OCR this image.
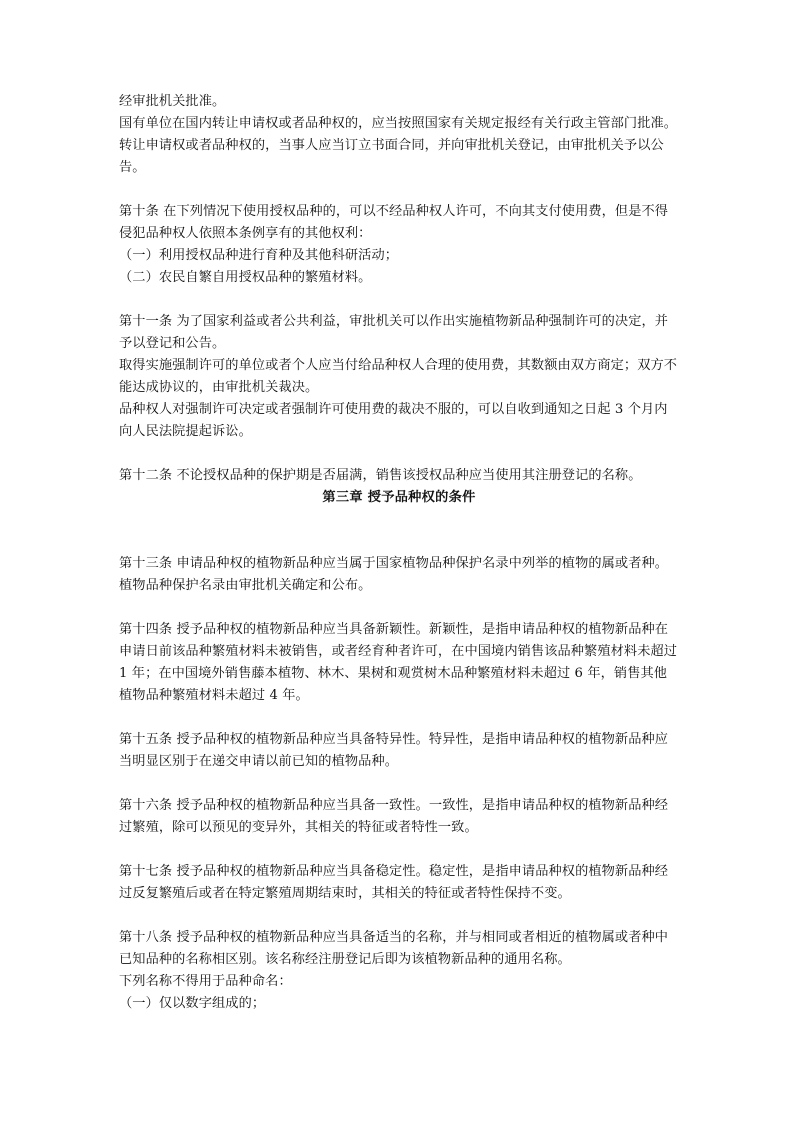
经审批机关批准。

国有单位在国内转让申请权或者品种权的，应当按照国家有关规定报经有关行政主管部门批准。

转让申请权或者品种权的，当事人应当订立书面合同，并向审批机关登记，由审批机关予以公告。

第十条 在下列情况下使用授权品种的，可以不经品种权人许可，不向其支付使用费，但是不得侵犯品种权人依照本条例享有的其他权利：

（一）利用授权品种进行育种及其他科研活动；

（二）农民自繁自用授权品种的繁殖材料。

第十一条 为了国家利益或者公共利益，审批机关可以作出实施植物新品种强制许可的决定，并予以登记和公告。

取得实施强制许可的单位或者个人应当付给品种权人合理的使用费，其数额由双方商定；双方不能达成协议的，由审批机关裁决。

品种权人对强制许可决定或者强制许可使用费的裁决不服的，可以自收到通知之日起 3 个月内向人民法院提起诉讼。

第十二条 不论授权品种的保护期是否届满，销售该授权品种应当使用其注册登记的名称。

第三章 授予品种权的条件

第十三条 申请品种权的植物新品种应当属于国家植物品种保护名录中列举的植物的属或者种。植物品种保护名录由审批机关确定和公布。

第十四条 授予品种权的植物新品种应当具备新颖性。新颖性，是指申请品种权的植物新品种在申请日前该品种繁殖材料未被销售，或者经育种者许可，在中国境内销售该品种繁殖材料未超过 1 年；在中国境外销售藤本植物、林木、果树和观赏树木品种繁殖材料未超过 6 年，销售其他植物品种繁殖材料未超过 4 年。

第十五条 授予品种权的植物新品种应当具备特异性。特异性，是指申请品种权的植物新品种应当明显区别于在递交申请以前已知的植物品种。

第十六条 授予品种权的植物新品种应当具备一致性。一致性，是指申请品种权的植物新品种经过繁殖，除可以预见的变异外，其相关的特征或者特性一致。

第十七条 授予品种权的植物新品种应当具备稳定性。稳定性，是指申请品种权的植物新品种经过反复繁殖后或者在特定繁殖周期结束时，其相关的特征或者特性保持不变。

第十八条 授予品种权的植物新品种应当具备适当的名称，并与相同或者相近的植物属或者种中已知品种的名称相区别。该名称经注册登记后即为该植物新品种的通用名称。

下列名称不得用于品种命名：

（一）仅以数字组成的；
